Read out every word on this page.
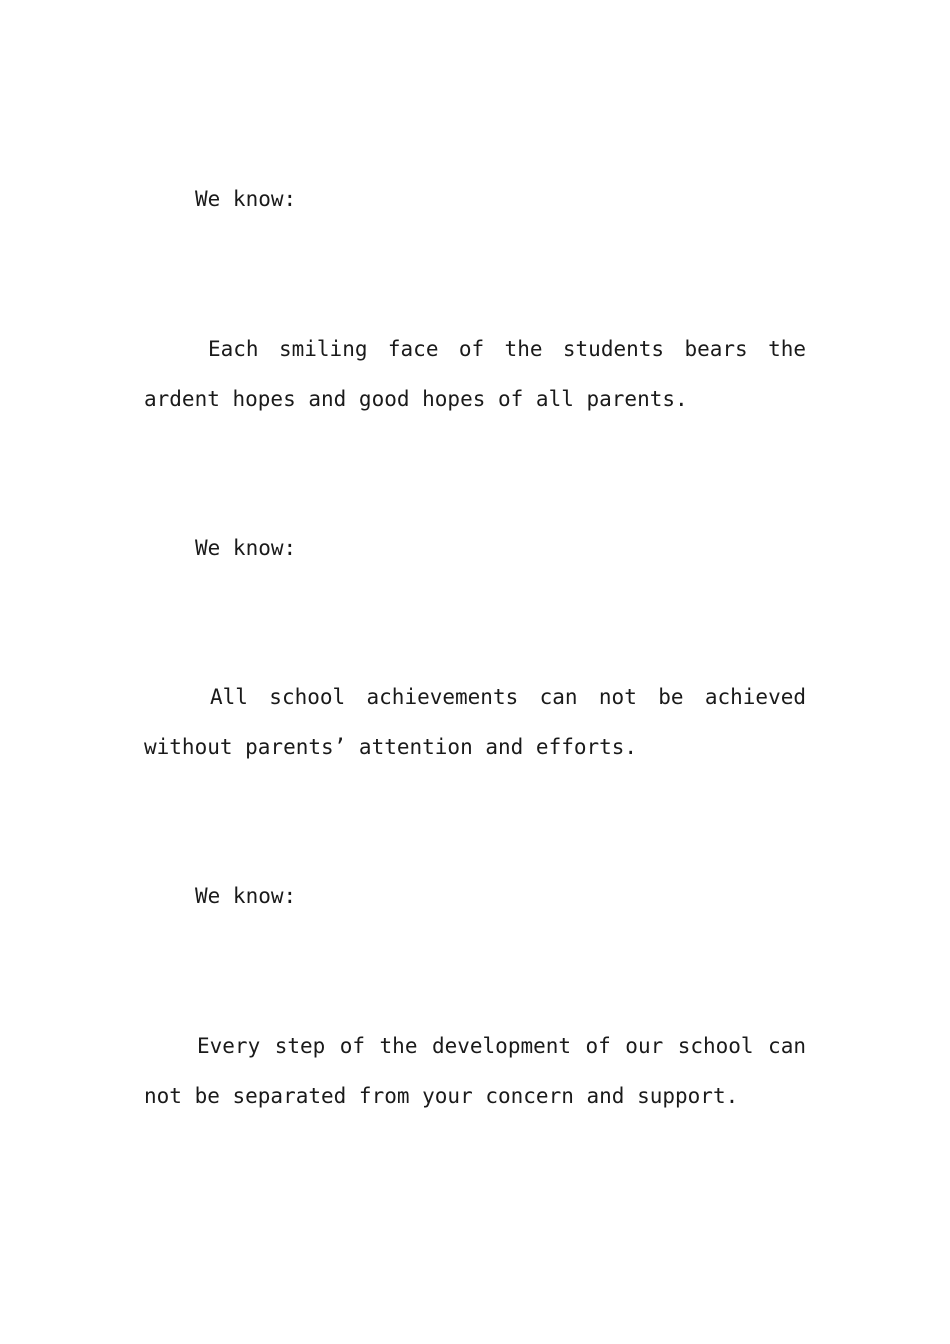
We know:
Each smiling face of the students bears the
ardent hopes and good hopes of all parents.
We know:
All school achievements can not be achieved
without parents’ attention and efforts.
We know:
Every step of the development of our school can
not be separated from your concern and support.
